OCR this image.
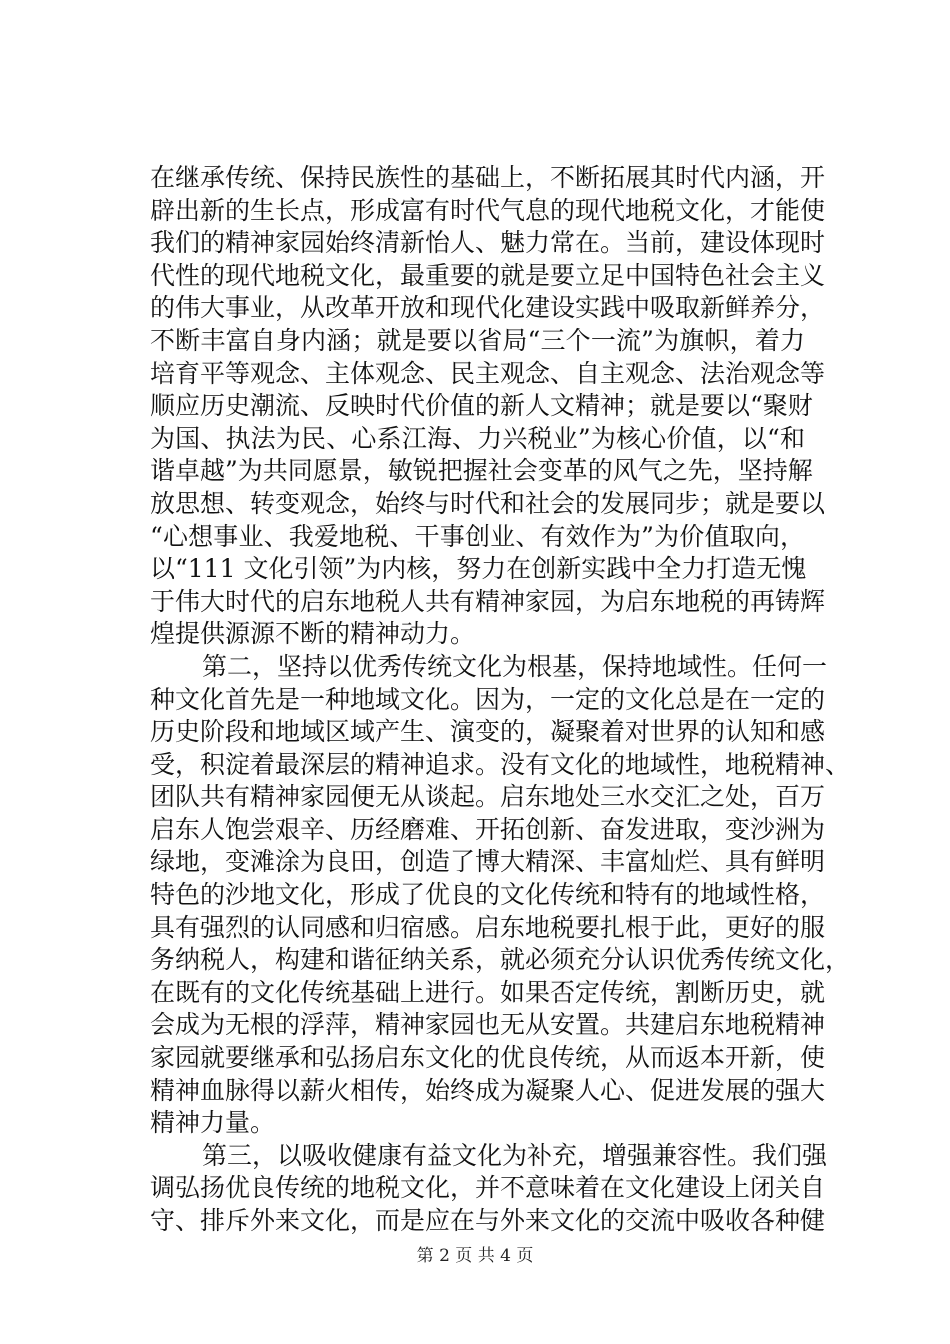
在继承传统、保持民族性的基础上，不断拓展其时代内涵，开
辟出新的生长点，形成富有时代气息的现代地税文化，才能使
我们的精神家园始终清新怡人、魅力常在。当前，建设体现时
代性的现代地税文化，最重要的就是要立足中国特色社会主义
的伟大事业，从改革开放和现代化建设实践中吸取新鲜养分，
不断丰富自身内涵；就是要以省局“三个一流”为旗帜，着力
培育平等观念、主体观念、民主观念、自主观念、法治观念等
顺应历史潮流、反映时代价值的新人文精神；就是要以“聚财
为国、执法为民、心系江海、力兴税业”为核心价值，以“和
谐卓越”为共同愿景，敏锐把握社会变革的风气之先，坚持解
放思想、转变观念，始终与时代和社会的发展同步；就是要以
“心想事业、我爱地税、干事创业、有效作为”为价值取向，
以“111 文化引领”为内核，努力在创新实践中全力打造无愧
于伟大时代的启东地税人共有精神家园，为启东地税的再铸辉
煌提供源源不断的精神动力。
第二，坚持以优秀传统文化为根基，保持地域性。任何一
种文化首先是一种地域文化。因为，一定的文化总是在一定的
历史阶段和地域区域产生、演变的，凝聚着对世界的认知和感
受，积淀着最深层的精神追求。没有文化的地域性，地税精神、
团队共有精神家园便无从谈起。启东地处三水交汇之处，百万
启东人饱尝艰辛、历经磨难、开拓创新、奋发进取，变沙洲为
绿地，变滩涂为良田，创造了博大精深、丰富灿烂、具有鲜明
特色的沙地文化，形成了优良的文化传统和特有的地域性格，
具有强烈的认同感和归宿感。启东地税要扎根于此，更好的服
务纳税人，构建和谐征纳关系，就必须充分认识优秀传统文化，
在既有的文化传统基础上进行。如果否定传统，割断历史，就
会成为无根的浮萍，精神家园也无从安置。共建启东地税精神
家园就要继承和弘扬启东文化的优良传统，从而返本开新，使
精神血脉得以薪火相传，始终成为凝聚人心、促进发展的强大
精神力量。
第三，以吸收健康有益文化为补充，增强兼容性。我们强
调弘扬优良传统的地税文化，并不意味着在文化建设上闭关自
守、排斥外来文化，而是应在与外来文化的交流中吸收各种健
第 2 页 共 4 页
